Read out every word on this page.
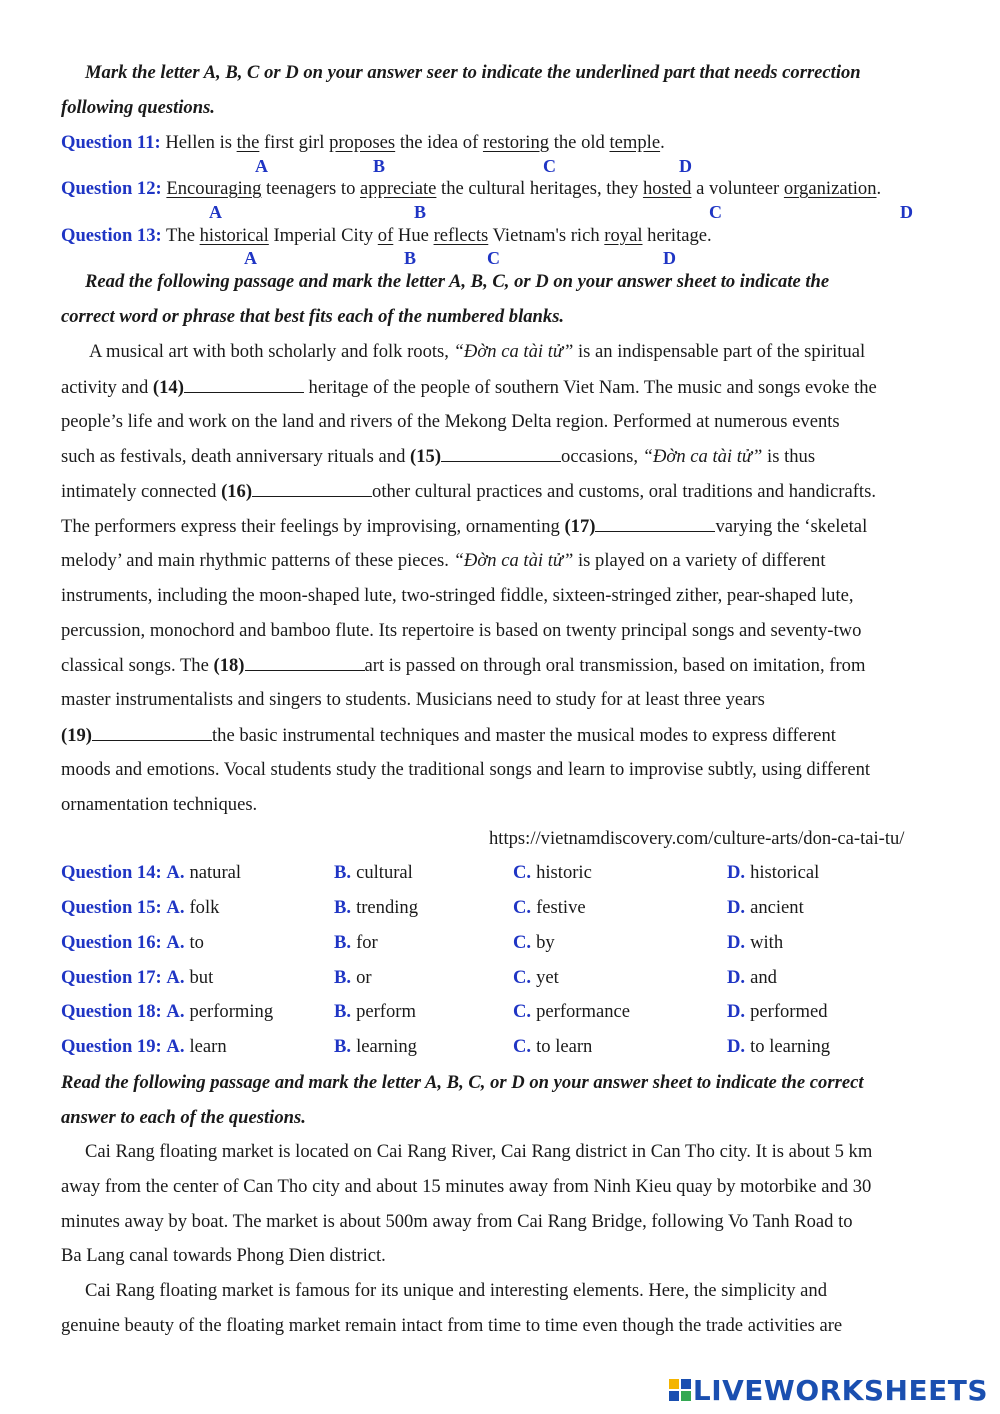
Mark the letter A, B, C or D on your answer seer to indicate the underlined part that needs correction
following questions.
Question 11: Hellen is the first girl proposes the idea of restoring the old temple.
A	B	C	D
Question 12: Encouraging teenagers to appreciate the cultural heritages, they hosted a volunteer organization.
A	B	C	D
Question 13: The historical Imperial City of Hue reflects Vietnam's rich royal heritage.
A	B	C	D
Read the following passage and mark the letter A, B, C, or D on your answer sheet to indicate the
correct word or phrase that best fits each of the numbered blanks.
A musical art with both scholarly and folk roots, “Đờn ca tài tử” is an indispensable part of the spiritual
activity and (14)	heritage of the people of southern Viet Nam. The music and songs evoke the
people’s life and work on the land and rivers of the Mekong Delta region. Performed at numerous events
such as festivals, death anniversary rituals and (15)	occasions, “Đờn ca tài tử” is thus
intimately connected (16)	other cultural practices and customs, oral traditions and handicrafts.
The performers express their feelings by improvising, ornamenting (17)	varying the ‘skeletal
melody’ and main rhythmic patterns of these pieces. “Đờn ca tài tử” is played on a variety of different
instruments, including the moon-shaped lute, two-stringed fiddle, sixteen-stringed zither, pear-shaped lute,
percussion, monochord and bamboo flute. Its repertoire is based on twenty principal songs and seventy-two
classical songs. The (18)	art is passed on through oral transmission, based on imitation, from
master instrumentalists and singers to students. Musicians need to study for at least three years
(19)	the basic instrumental techniques and master the musical modes to express different
moods and emotions. Vocal students study the traditional songs and learn to improvise subtly, using different
ornamentation techniques.
https://vietnamdiscovery.com/culture-arts/don-ca-tai-tu/
Question 14: A. natural	B. cultural	C. historic	D. historical
Question 15: A. folk	B. trending	C. festive	D. ancient
Question 16: A. to	B. for	C. by	D. with
Question 17: A. but	B. or	C. yet	D. and
Question 18: A. performing	B. perform	C. performance	D. performed
Question 19: A. learn	B. learning	C. to learn	D. to learning
Read the following passage and mark the letter A, B, C, or D on your answer sheet to indicate the correct
answer to each of the questions.
Cai Rang floating market is located on Cai Rang River, Cai Rang district in Can Tho city. It is about 5 km
away from the center of Can Tho city and about 15 minutes away from Ninh Kieu quay by motorbike and 30
minutes away by boat. The market is about 500m away from Cai Rang Bridge, following Vo Tanh Road to
Ba Lang canal towards Phong Dien district.
Cai Rang floating market is famous for its unique and interesting elements. Here, the simplicity and
genuine beauty of the floating market remain intact from time to time even though the trade activities are
LIVEWORKSHEETS
